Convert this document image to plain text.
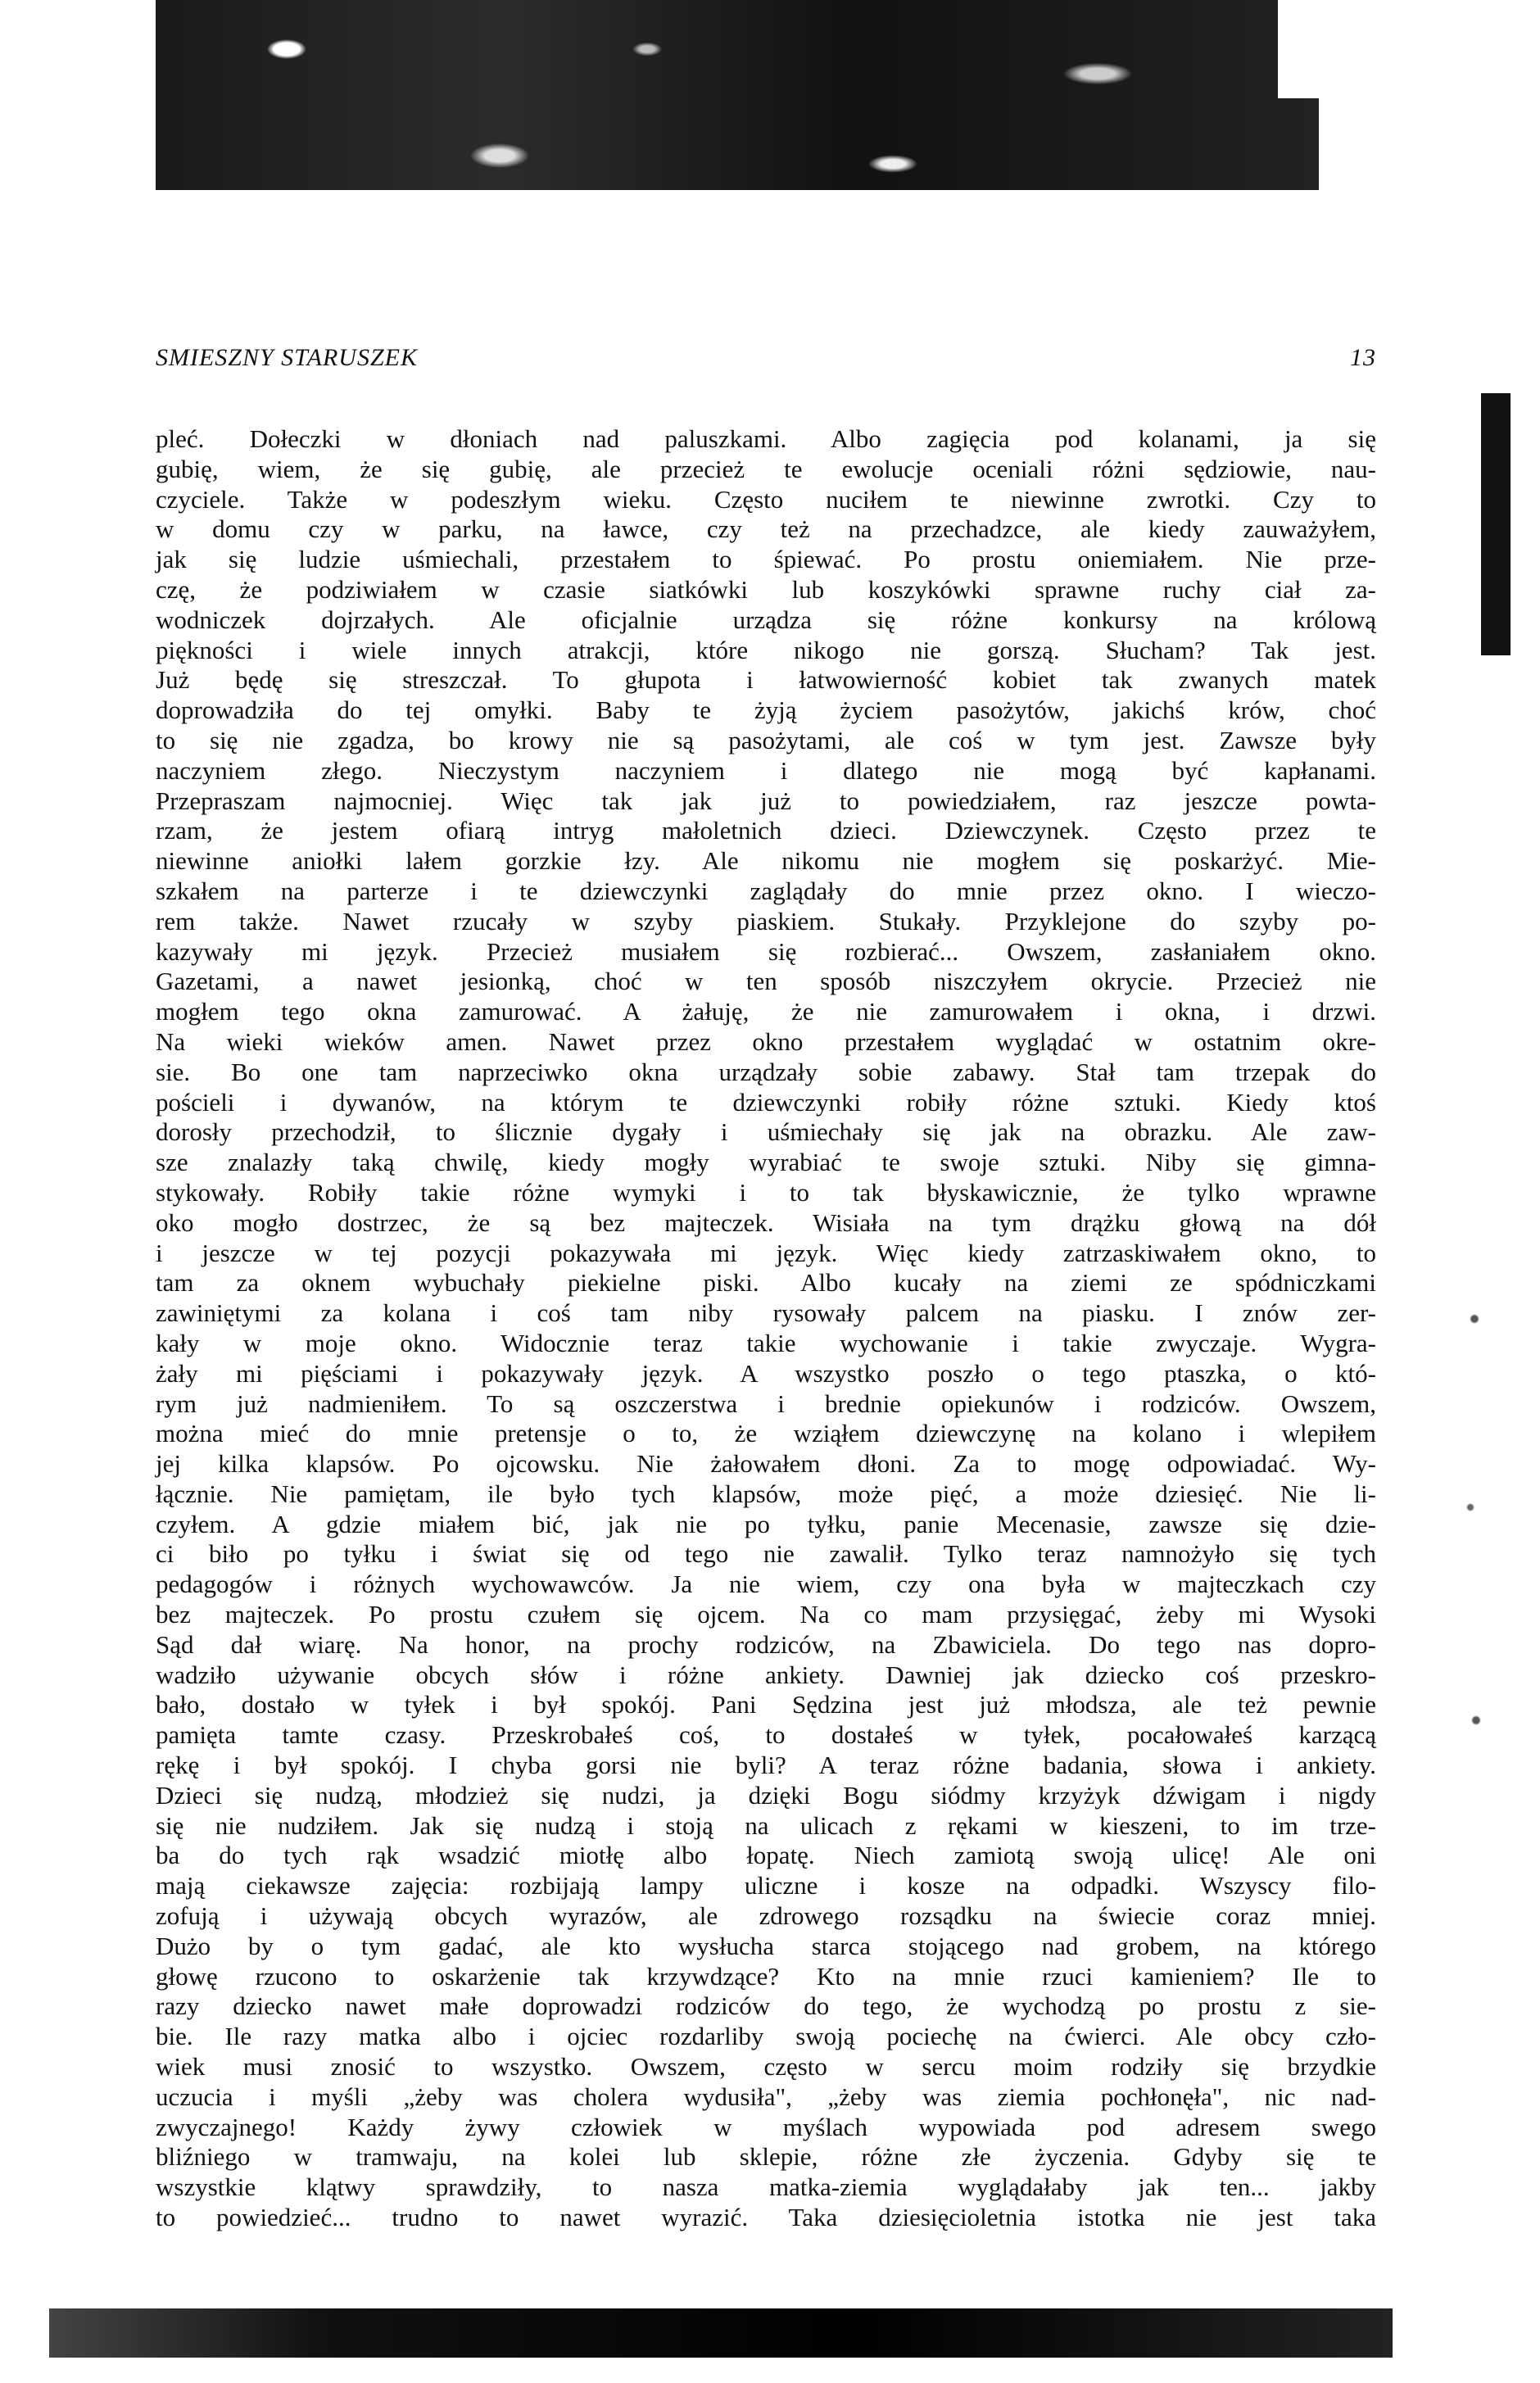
SMIESZNY STARUSZEK	13
pleć. Dołeczki w dłoniach nad paluszkami. Albo zagięcia pod kolanami, ja się
gubię, wiem, że się gubię, ale przecież te ewolucje oceniali różni sędziowie, nau-
czyciele. Także w podeszłym wieku. Często nuciłem te niewinne zwrotki. Czy to
w domu czy w parku, na ławce, czy też na przechadzce, ale kiedy zauważyłem,
jak się ludzie uśmiechali, przestałem to śpiewać. Po prostu oniemiałem. Nie prze-
czę, że podziwiałem w czasie siatkówki lub koszykówki sprawne ruchy ciał za-
wodniczek dojrzałych. Ale oficjalnie urządza się różne konkursy na królową
piękności i wiele innych atrakcji, które nikogo nie gorszą. Słucham? Tak jest.
Już będę się streszczał. To głupota i łatwowierność kobiet tak zwanych matek
doprowadziła do tej omyłki. Baby te żyją życiem pasożytów, jakichś krów, choć
to się nie zgadza, bo krowy nie są pasożytami, ale coś w tym jest. Zawsze były
naczyniem złego. Nieczystym naczyniem i dlatego nie mogą być kapłanami.
Przepraszam najmocniej. Więc tak jak już to powiedziałem, raz jeszcze powta-
rzam, że jestem ofiarą intryg małoletnich dzieci. Dziewczynek. Często przez te
niewinne aniołki lałem gorzkie łzy. Ale nikomu nie mogłem się poskarżyć. Mie-
szkałem na parterze i te dziewczynki zaglądały do mnie przez okno. I wieczo-
rem także. Nawet rzucały w szyby piaskiem. Stukały. Przyklejone do szyby po-
kazywały mi język. Przecież musiałem się rozbierać... Owszem, zasłaniałem okno.
Gazetami, a nawet jesionką, choć w ten sposób niszczyłem okrycie. Przecież nie
mogłem tego okna zamurować. A żałuję, że nie zamurowałem i okna, i drzwi.
Na wieki wieków amen. Nawet przez okno przestałem wyglądać w ostatnim okre-
sie. Bo one tam naprzeciwko okna urządzały sobie zabawy. Stał tam trzepak do
pościeli i dywanów, na którym te dziewczynki robiły różne sztuki. Kiedy ktoś
dorosły przechodził, to ślicznie dygały i uśmiechały się jak na obrazku. Ale zaw-
sze znalazły taką chwilę, kiedy mogły wyrabiać te swoje sztuki. Niby się gimna-
stykowały. Robiły takie różne wymyki i to tak błyskawicznie, że tylko wprawne
oko mogło dostrzec, że są bez majteczek. Wisiała na tym drążku głową na dół
i jeszcze w tej pozycji pokazywała mi język. Więc kiedy zatrzaskiwałem okno, to
tam za oknem wybuchały piekielne piski. Albo kucały na ziemi ze spódniczkami
zawiniętymi za kolana i coś tam niby rysowały palcem na piasku. I znów zer-
kały w moje okno. Widocznie teraz takie wychowanie i takie zwyczaje. Wygra-
żały mi pięściami i pokazywały język. A wszystko poszło o tego ptaszka, o któ-
rym już nadmieniłem. To są oszczerstwa i brednie opiekunów i rodziców. Owszem,
można mieć do mnie pretensje o to, że wziąłem dziewczynę na kolano i wlepiłem
jej kilka klapsów. Po ojcowsku. Nie żałowałem dłoni. Za to mogę odpowiadać. Wy-
łącznie. Nie pamiętam, ile było tych klapsów, może pięć, a może dziesięć. Nie li-
czyłem. A gdzie miałem bić, jak nie po tyłku, panie Mecenasie, zawsze się dzie-
ci biło po tyłku i świat się od tego nie zawalił. Tylko teraz namnożyło się tych
pedagogów i różnych wychowawców. Ja nie wiem, czy ona była w majteczkach czy
bez majteczek. Po prostu czułem się ojcem. Na co mam przysięgać, żeby mi Wysoki
Sąd dał wiarę. Na honor, na prochy rodziców, na Zbawiciela. Do tego nas dopro-
wadziło używanie obcych słów i różne ankiety. Dawniej jak dziecko coś przeskro-
bało, dostało w tyłek i był spokój. Pani Sędzina jest już młodsza, ale też pewnie
pamięta tamte czasy. Przeskrobałeś coś, to dostałeś w tyłek, pocałowałeś karzącą
rękę i był spokój. I chyba gorsi nie byli? A teraz różne badania, słowa i ankiety.
Dzieci się nudzą, młodzież się nudzi, ja dzięki Bogu siódmy krzyżyk dźwigam i nigdy
się nie nudziłem. Jak się nudzą i stoją na ulicach z rękami w kieszeni, to im trze-
ba do tych rąk wsadzić miotłę albo łopatę. Niech zamiotą swoją ulicę! Ale oni
mają ciekawsze zajęcia: rozbijają lampy uliczne i kosze na odpadki. Wszyscy filo-
zofują i używają obcych wyrazów, ale zdrowego rozsądku na świecie coraz mniej.
Dużo by o tym gadać, ale kto wysłucha starca stojącego nad grobem, na którego
głowę rzucono to oskarżenie tak krzywdzące? Kto na mnie rzuci kamieniem? Ile to
razy dziecko nawet małe doprowadzi rodziców do tego, że wychodzą po prostu z sie-
bie. Ile razy matka albo i ojciec rozdarliby swoją pociechę na ćwierci. Ale obcy czło-
wiek musi znosić to wszystko. Owszem, często w sercu moim rodziły się brzydkie
uczucia i myśli „żeby was cholera wydusiła", „żeby was ziemia pochłonęła", nic nad-
zwyczajnego! Każdy żywy człowiek w myślach wypowiada pod adresem swego
bliźniego w tramwaju, na kolei lub sklepie, różne złe życzenia. Gdyby się te
wszystkie klątwy sprawdziły, to nasza matka-ziemia wyglądałaby jak ten... jakby
to powiedzieć... trudno to nawet wyrazić. Taka dziesięcioletnia istotka nie jest taka
